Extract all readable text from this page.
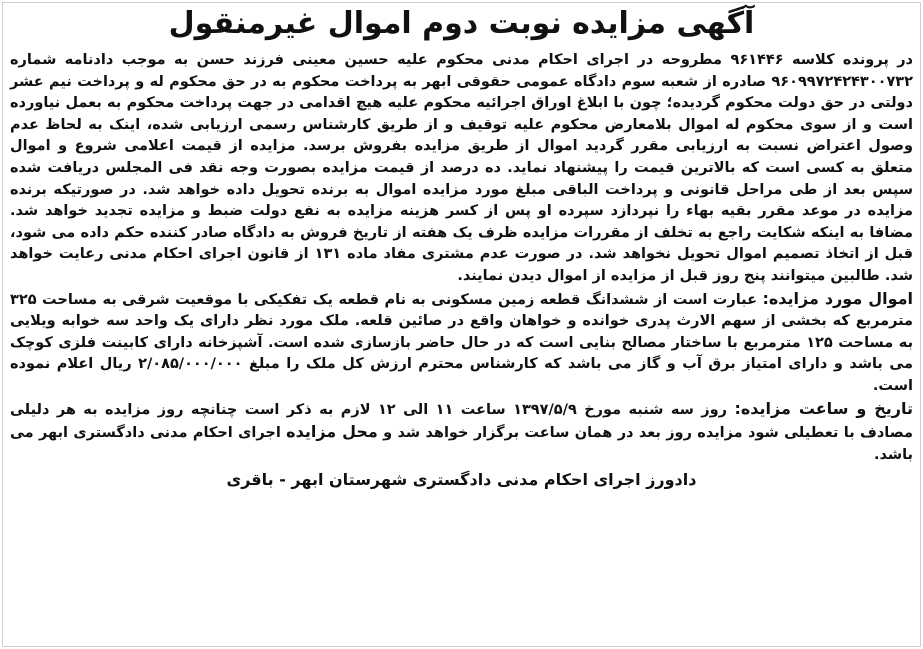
آگهی مزایده نوبت دوم اموال غیرمنقول

در پرونده کلاسه ۹۶۱۴۴۶ مطروحه در اجرای احکام مدنی محکوم علیه حسین معینی فرزند حسن به موجب دادنامه شماره ۹۶۰۹۹۷۲۴۲۴۳۰۰۷۳۲ صادره از شعبه سوم دادگاه عمومی حقوقی ابهر به پرداخت محکوم به در حق محکوم له و پرداخت نیم عشر دولتی در حق دولت محکوم گردیده؛ چون با ابلاغ اوراق اجرائیه محکوم علیه هیچ اقدامی در جهت پرداخت محکوم به بعمل نیاورده است و از سوی محکوم له اموال بلامعارض محکوم علیه توقیف و از طریق کارشناس رسمی ارزیابی شده، اینک به لحاظ عدم وصول اعتراض نسبت به ارزیابی مقرر گردید اموال از طریق مزایده بفروش برسد. مزایده از قیمت اعلامی شروع و اموال متعلق به کسی است که بالاترین قیمت را پیشنهاد نماید. ده درصد از قیمت مزایده بصورت وجه نقد فی المجلس دریافت شده سپس بعد از طی مراحل قانونی و پرداخت الباقی مبلغ مورد مزایده اموال به برنده تحویل داده خواهد شد. در صورتیکه برنده مزایده در موعد مقرر بقیه بهاء را نپردازد سپرده او پس از کسر هزینه مزایده به نفع دولت ضبط و مزایده تجدید خواهد شد. مضافا به اینکه شکایت راجع به تخلف از مقررات مزایده ظرف یک هفته از تاریخ فروش به دادگاه صادر کننده حکم داده می شود، قبل از اتخاذ تصمیم اموال تحویل نخواهد شد. در صورت عدم مشتری مفاد ماده ۱۳۱ از قانون اجرای احکام مدنی رعایت خواهد شد. طالبین میتوانند پنج روز قبل از مزایده از اموال دیدن نمایند.
اموال مورد مزایده: عبارت است از ششدانگ قطعه زمین مسکونی به نام قطعه یک تفکیکی با موقعیت شرقی به مساحت ۳۲۵ مترمربع که بخشی از سهم الارث پدری خوانده و خواهان واقع در صائین قلعه. ملک مورد نظر دارای یک واحد سه خوابه ویلایی به مساحت ۱۲۵ مترمربع با ساختار مصالح بنایی است که در حال حاضر بازسازی شده است. آشپزخانه دارای کابینت فلزی کوچک می باشد و دارای امتیاز برق آب و گاز می باشد که کارشناس محترم ارزش کل ملک را مبلغ ۲/۰۸۵/۰۰۰/۰۰۰ ریال اعلام نموده است.
تاریخ و ساعت مزایده: روز سه شنبه مورخ ۱۳۹۷/۵/۹ ساعت ۱۱ الی ۱۲ لازم به ذکر است چنانچه روز مزایده به هر دلیلی مصادف با تعطیلی شود مزایده روز بعد در همان ساعت برگزار خواهد شد و محل مزایده اجرای احکام مدنی دادگستری ابهر می باشد.

دادورز اجرای احکام مدنی دادگستری شهرستان ابهر - باقری
